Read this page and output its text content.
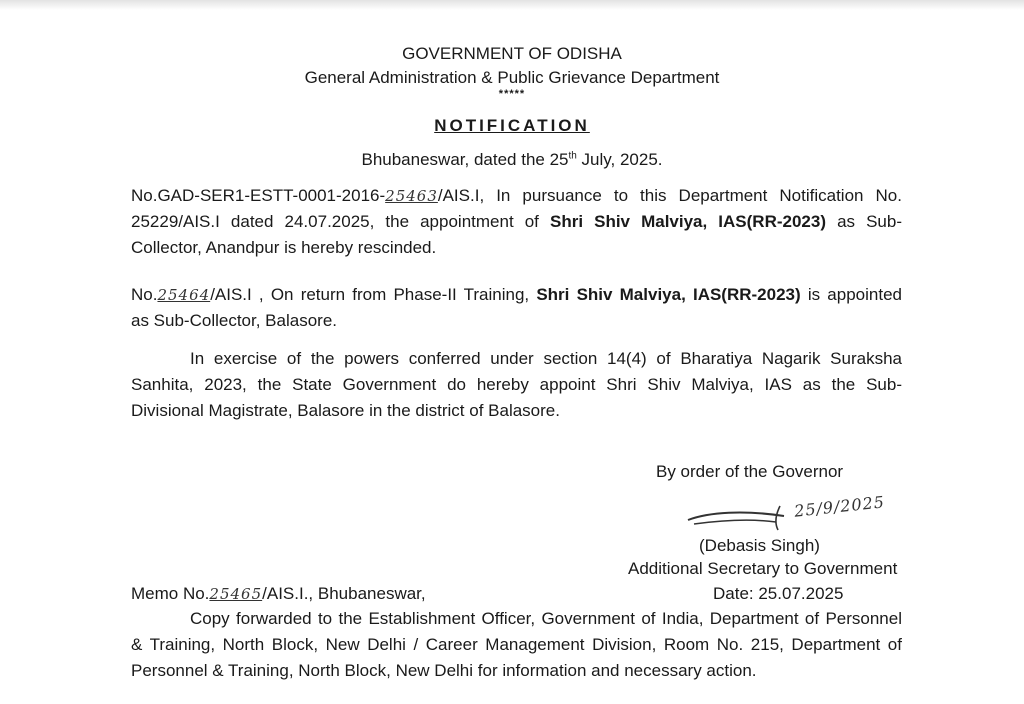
GOVERNMENT OF ODISHA
General Administration & Public Grievance Department
*****
NOTIFICATION
Bhubaneswar, dated the 25th July, 2025.
No.GAD-SER1-ESTT-0001-2016-25463/AIS.I, In pursuance to this Department Notification No.
25229/AIS.I dated 24.07.2025, the appointment of Shri Shiv Malviya, IAS(RR-2023) as Sub-
Collector, Anandpur is hereby rescinded.
No.25464/AIS.I , On return from Phase-II Training, Shri Shiv Malviya, IAS(RR-2023) is appointed
as Sub-Collector, Balasore.
In exercise of the powers conferred under section 14(4) of Bharatiya Nagarik Suraksha
Sanhita, 2023, the State Government do hereby appoint Shri Shiv Malviya, IAS as the Sub-
Divisional Magistrate, Balasore in the district of Balasore.
By order of the Governor
25/9/2025
(Debasis Singh)
Additional Secretary to Government
Memo No.25465/AIS.I., Bhubaneswar,	Date: 25.07.2025
Copy forwarded to the Establishment Officer, Government of India, Department of Personnel
& Training, North Block, New Delhi / Career Management Division, Room No. 215, Department of
Personnel & Training, North Block, New Delhi for information and necessary action.
